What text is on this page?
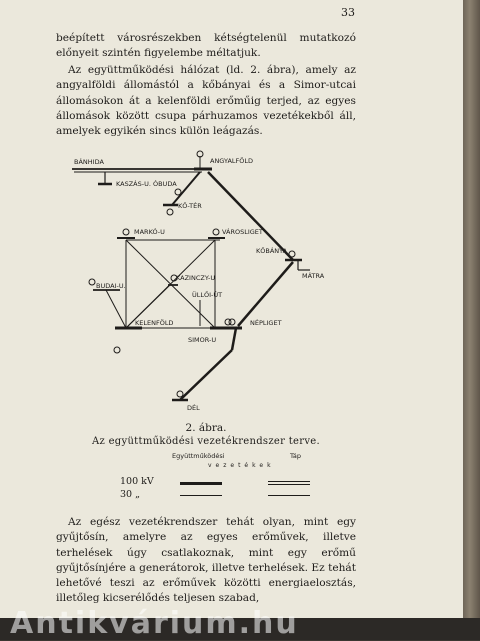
33

beépített városrészekben kétségtelenül mutatkozó előnyeit szintén figyelembe méltatjuk.

Az együttműködési hálózat (ld. 2. ábra), amely az angyalföldi állomástól a kőbányai és a Simor-utcai állomásokon át a kelenföldi erőműig terjed, az egyes állomások között csupa párhuzamos vezetékekből áll, amelyek egyikén sincs külön leágazás.

BÁNHIDA
KASZÁS-U. ÓBUDA
ANGYALFÖLD
KŐ-TÉR
MARKÓ-U	VÁROSLIGET
KŐBÁNYA
MÁTRA
KAZINCZY-U
BUDAI-U.
ÜLLŐI-ÚT
KELENFÖLD	NÉPLIGET
SIMOR-U
DÉL
2. ábra.
Az együttműködési vezetékrendszer terve.
Együttműködési	Táp
vezetékek
100 kV
30 „

Az egész vezetékrendszer tehát olyan, mint egy gyűjtősín, amelyre az egyes erőművek, illetve terhelések úgy csatlakoznak, mint egy erőmű gyűjtősínjére a generátorok, illetve terhelések. Ez tehát lehetővé teszi az erőművek közötti energiaelosztás, illetőleg kicserélődés teljesen szabad,

Antikvárium.hu
